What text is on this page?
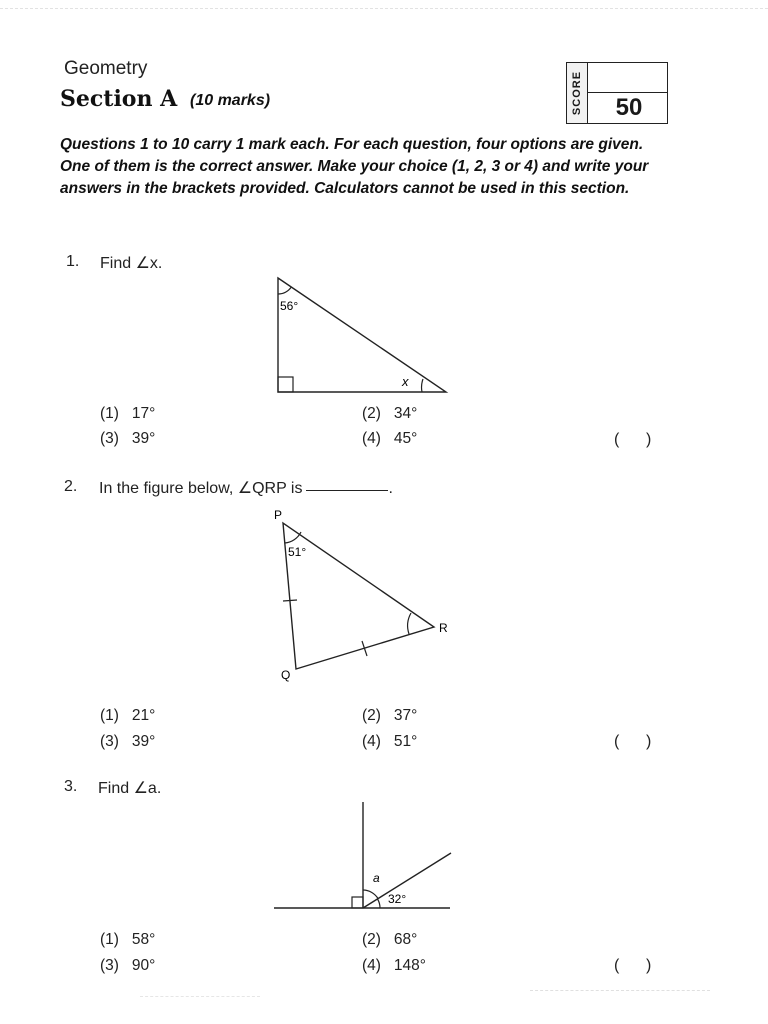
Geometry
Section A (10 marks)	SCORE	50
Questions 1 to 10 carry 1 mark each. For each question, four options are given. One of them is the correct answer. Make your choice (1, 2, 3 or 4) and write your answers in the brackets provided. Calculators cannot be used in this section.
1. Find ∠x.
56°
x
(1) 17°	(2) 34°
(3) 39°	(4) 45°	(      )
2. In the figure below, ∠QRP is	.
P
Q
R
51°
(1) 21°	(2) 37°
(3) 39°	(4) 51°	(      )
3. Find ∠a.
a
32°
(1) 58°	(2) 68°
(3) 90°	(4) 148°	(      )
